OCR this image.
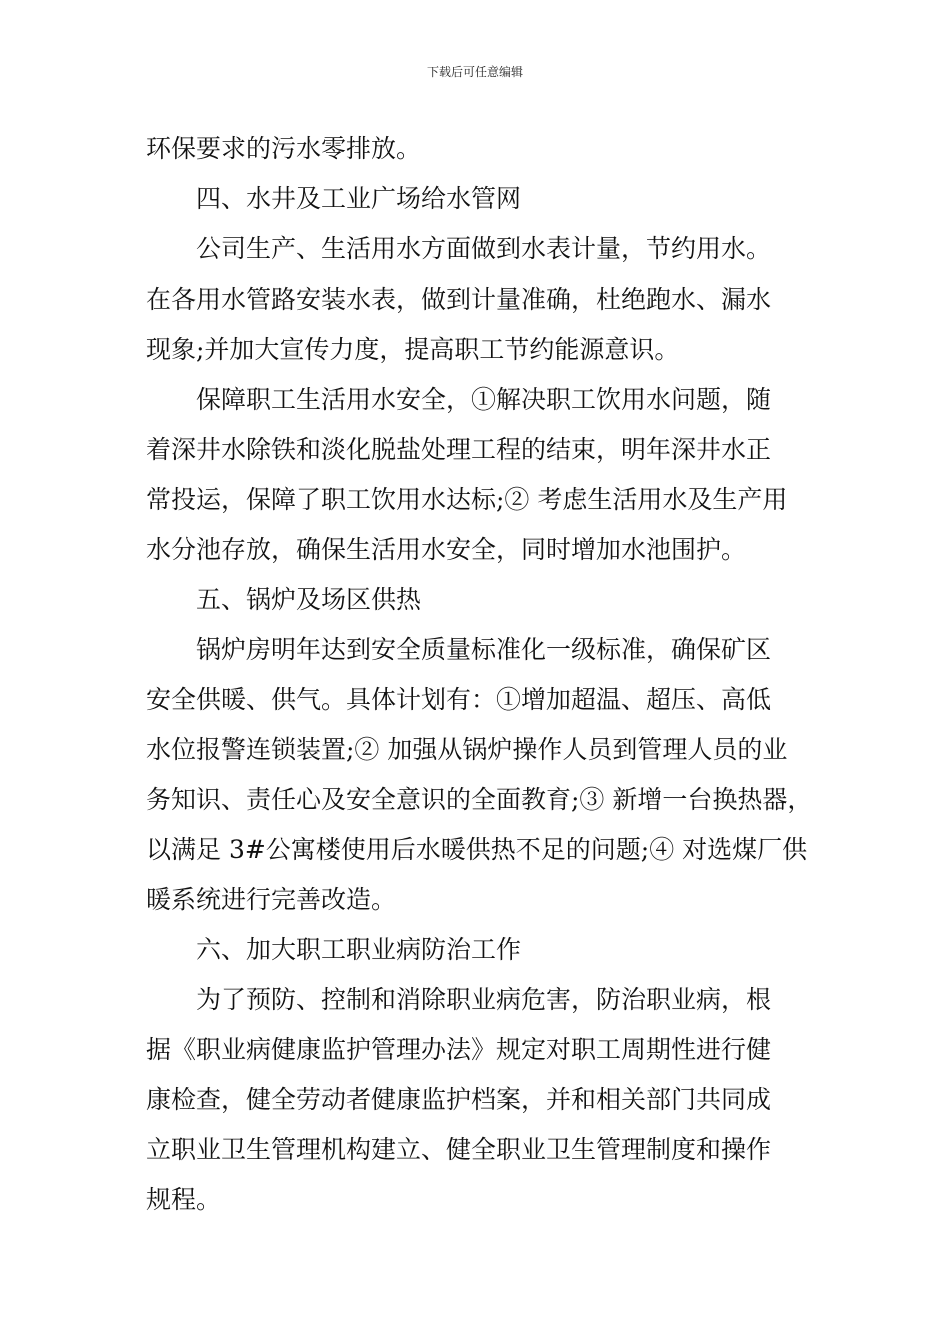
下载后可任意编辑
环保要求的污水零排放。
四、水井及工业广场给水管网
公司生产、生活用水方面做到水表计量，节约用水。
在各用水管路安装水表，做到计量准确，杜绝跑水、漏水
现象;并加大宣传力度，提高职工节约能源意识。
保障职工生活用水安全，①解决职工饮用水问题，随
着深井水除铁和淡化脱盐处理工程的结束，明年深井水正
常投运，保障了职工饮用水达标;② 考虑生活用水及生产用
水分池存放，确保生活用水安全，同时增加水池围护。
五、锅炉及场区供热
锅炉房明年达到安全质量标准化一级标准，确保矿区
安全供暖、供气。具体计划有：①增加超温、超压、高低
水位报警连锁装置;② 加强从锅炉操作人员到管理人员的业
务知识、责任心及安全意识的全面教育;③ 新增一台换热器，
以满足 3#公寓楼使用后水暖供热不足的问题;④ 对选煤厂供
暖系统进行完善改造。
六、加大职工职业病防治工作
为了预防、控制和消除职业病危害，防治职业病，根
据《职业病健康监护管理办法》规定对职工周期性进行健
康检查，健全劳动者健康监护档案，并和相关部门共同成
立职业卫生管理机构建立、健全职业卫生管理制度和操作
规程。
